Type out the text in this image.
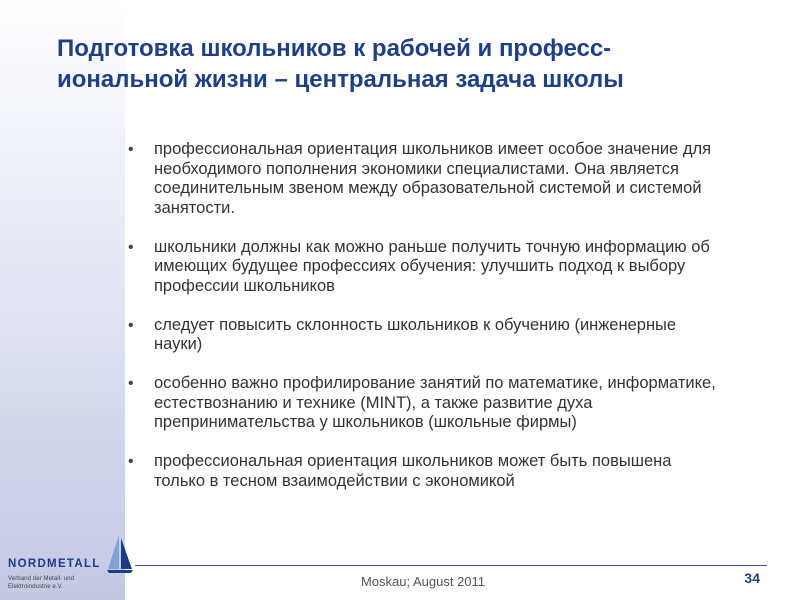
Подготовка школьников к рабочей и професс-
иональной жизни – центральная задача школы
• профессиональная ориентация школьников имеет особое значение для необходимого пополнения экономики специалистами. Она является соединительным звеном между образовательной системой и системой занятости.
• школьники должны как можно раньше получить точную информацию об имеющих будущее профессиях обучения: улучшить подход к выбору профессии школьников
• следует повысить склонность школьников к обучению (инженерные науки)
• особенно важно профилирование занятий по математике, информатике, естествознанию и технике (MINT), а также развитие духа препринимательства у школьников (школьные фирмы)
• профессиональная ориентация школьников может быть повышена только в тесном взаимодействии с экономикой
NORDMETALL
Verband der Metall- und
Elektroindustrie e.V.	Moskau; August 2011	34
